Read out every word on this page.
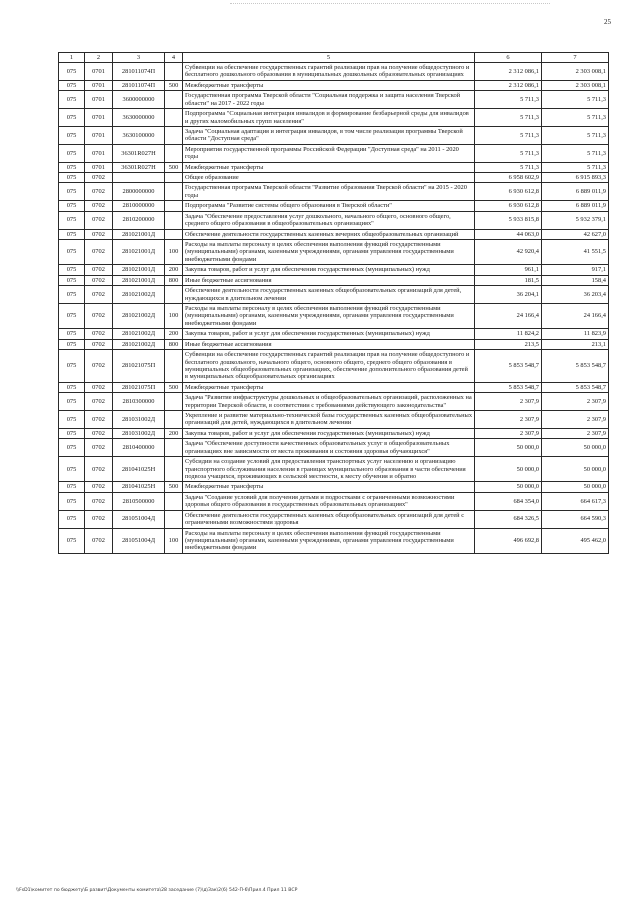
25
1	2	3	4	5	6	7
075	0701	281011074П		Субвенции на обеспечение государственных гарантий реализации прав на получение общедоступного и бесплатного дошкольного образования в муниципальных дошкольных образовательных организациях	2 312 086,1	2 303 008,1
075	0701	281011074П	500	Межбюджетные трансферты	2 312 086,1	2 303 008,1
075	0701	3600000000		Государственная программа Тверской области "Социальная поддержка и защита населения Тверской области" на 2017 - 2022 годы	5 711,3	5 711,3
075	0701	3630000000		Подпрограмма "Социальная интеграция инвалидов и формирование безбарьерной среды для инвалидов и других маломобильных групп населения"	5 711,3	5 711,3
075	0701	3630100000		Задача "Социальная адаптация и интеграция инвалидов, в том числе реализация программы Тверской области "Доступная среда"	5 711,3	5 711,3
075	0701	36301R027Н		Мероприятия государственной программы Российской Федерации "Доступная среда" на 2011 - 2020 годы	5 711,3	5 711,3
075	0701	36301R027Н	500	Межбюджетные трансферты	5 711,3	5 711,3
075	0702			Общее образование	6 958 602,9	6 915 893,3
075	0702	2800000000		Государственная программа Тверской области "Развитие образования Тверской области" на 2015 - 2020 годы	6 930 612,8	6 889 011,9
075	0702	2810000000		Подпрограмма "Развитие системы общего образования в Тверской области"	6 930 612,8	6 889 011,9
075	0702	2810200000		Задача "Обеспечение предоставления услуг дошкольного, начального общего, основного общего, среднего общего образования в общеобразовательных организациях"	5 933 815,8	5 932 379,1
075	0702	281021001Д		Обеспечение деятельности государственных казенных вечерних общеобразовательных организаций	44 063,0	42 627,0
075	0702	281021001Д	100	Расходы на выплаты персоналу в целях обеспечения выполнения функций государственными (муниципальными) органами, казенными учреждениями, органами управления государственными внебюджетными фондами	42 920,4	41 551,5
075	0702	281021001Д	200	Закупка товаров, работ и услуг для обеспечения государственных (муниципальных) нужд	961,1	917,1
075	0702	281021001Д	800	Иные бюджетные ассигнования	181,5	158,4
075	0702	281021002Д		Обеспечение деятельности государственных казенных общеобразовательных организаций для детей, нуждающихся в длительном лечении	36 204,1	36 203,4
075	0702	281021002Д	100	Расходы на выплаты персоналу в целях обеспечения выполнения функций государственными (муниципальными) органами, казенными учреждениями, органами управления государственными внебюджетными фондами	24 166,4	24 166,4
075	0702	281021002Д	200	Закупка товаров, работ и услуг для обеспечения государственных (муниципальных) нужд	11 824,2	11 823,9
075	0702	281021002Д	800	Иные бюджетные ассигнования	213,5	213,1
075	0702	281021075П		Субвенции на обеспечение государственных гарантий реализации прав на получение общедоступного и бесплатного дошкольного, начального общего, основного общего, среднего общего образования в муниципальных общеобразовательных организациях, обеспечение дополнительного образования детей в муниципальных общеобразовательных организациях	5 853 548,7	5 853 548,7
075	0702	281021075П	500	Межбюджетные трансферты	5 853 548,7	5 853 548,7
075	0702	2810300000		Задача "Развитие инфраструктуры дошкольных и общеобразовательных организаций, расположенных на территории Тверской области, в соответствии с требованиями действующего законодательства"	2 307,9	2 307,9
075	0702	281031002Д		Укрепление и развитие материально-технической базы государственных казенных общеобразовательных организаций для детей, нуждающихся в длительном лечении	2 307,9	2 307,9
075	0702	281031002Д	200	Закупка товаров, работ и услуг для обеспечения государственных (муниципальных) нужд	2 307,9	2 307,9
075	0702	2810400000		Задача "Обеспечение доступности качественных образовательных услуг в общеобразовательных организациях вне зависимости от места проживания и состояния здоровья обучающихся"	50 000,0	50 000,0
075	0702	281041025Н		Субсидии на создание условий для предоставления транспортных услуг населению и организацию транспортного обслуживания населения в границах муниципального образования в части обеспечения подвоза учащихся, проживающих в сельской местности, к месту обучения и обратно	50 000,0	50 000,0
075	0702	281041025Н	500	Межбюджетные трансферты	50 000,0	50 000,0
075	0702	2810500000		Задача "Создание условий для получения детьми и подростками с ограниченными возможностями здоровья общего образования в государственных образовательных организациях"	684 354,0	664 617,3
075	0702	281051004Д		Обеспечение деятельности государственных казенных общеобразовательных организаций для детей с ограниченными возможностями здоровья	684 326,5	664 590,3
075	0702	281051004Д	100	Расходы на выплаты персоналу в целях обеспечения выполнения функций государственными (муниципальными) органами, казенными учреждениями, органами управления государственными внебюджетными фондами	496 692,8	495 462,0
\\FsD1\комитет по бюджету\Б развит\Документы комитета\28 заседание (7)\д\Зак\2(6) 542-П-6\Прил.4 Прил 11 ВСР
